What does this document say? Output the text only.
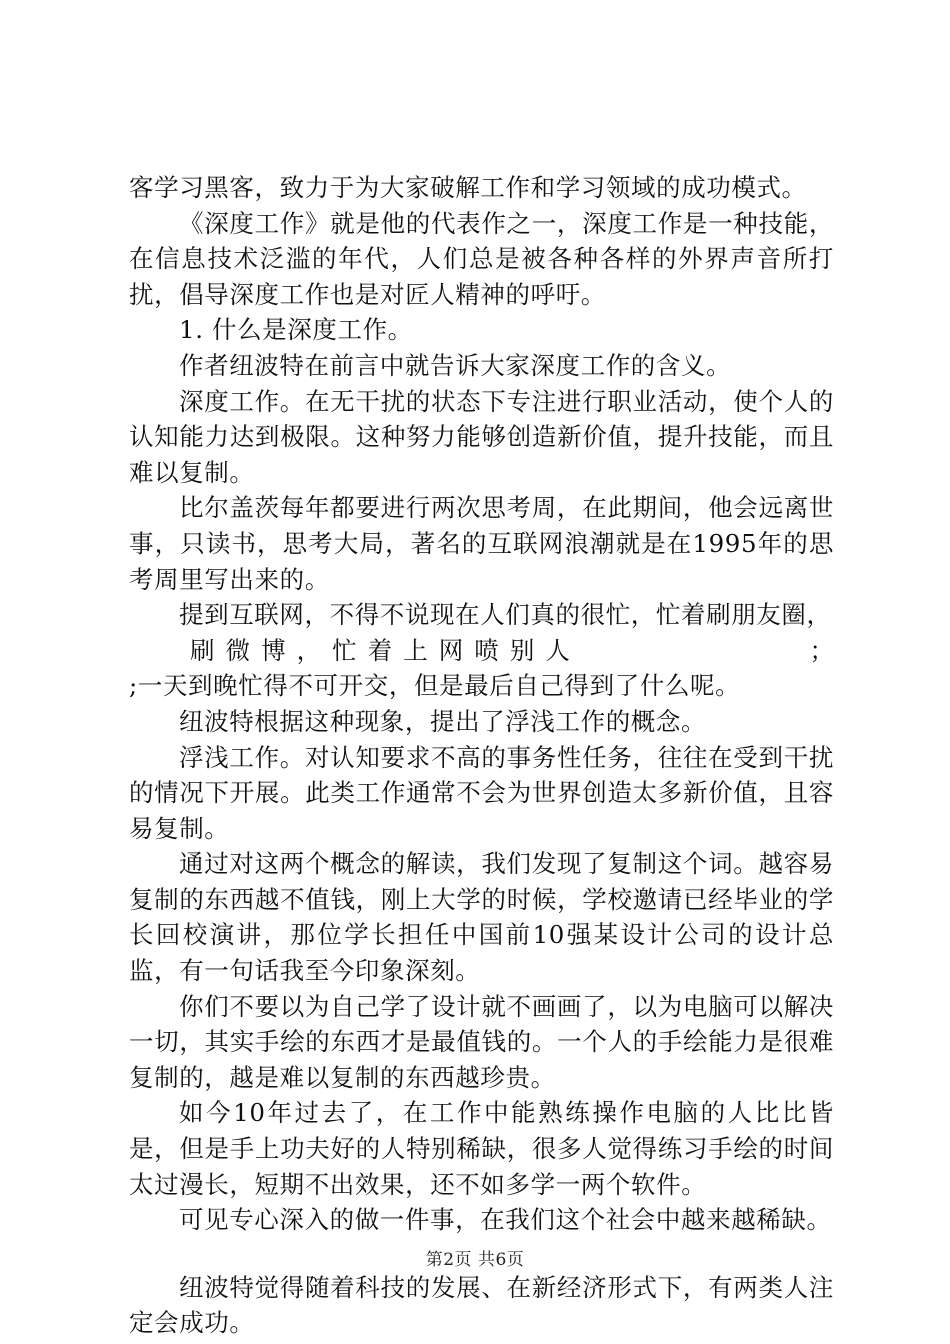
客学习黑客，致力于为大家破解工作和学习领域的成功模式。

《深度工作》就是他的代表作之一，深度工作是一种技能，在信息技术泛滥的年代，人们总是被各种各样的外界声音所打扰，倡导深度工作也是对匠人精神的呼吁。

1. 什么是深度工作。

作者纽波特在前言中就告诉大家深度工作的含义。

深度工作。在无干扰的状态下专注进行职业活动，使个人的认知能力达到极限。这种努力能够创造新价值，提升技能，而且难以复制。

比尔盖茨每年都要进行两次思考周，在此期间，他会远离世事，只读书，思考大局，著名的互联网浪潮就是在1995年的思考周里写出来的。

提到互联网，不得不说现在人们真的很忙，忙着刷朋友圈，

刷 微 博 ， 忙 着 上 网 喷 别 人	；

;一天到晚忙得不可开交，但是最后自己得到了什么呢。

纽波特根据这种现象，提出了浮浅工作的概念。

浮浅工作。对认知要求不高的事务性任务，往往在受到干扰的情况下开展。此类工作通常不会为世界创造太多新价值，且容易复制。

通过对这两个概念的解读，我们发现了复制这个词。越容易复制的东西越不值钱，刚上大学的时候，学校邀请已经毕业的学长回校演讲，那位学长担任中国前10强某设计公司的设计总监，有一句话我至今印象深刻。

你们不要以为自己学了设计就不画画了，以为电脑可以解决一切，其实手绘的东西才是最值钱的。一个人的手绘能力是很难复制的，越是难以复制的东西越珍贵。

如今10年过去了，在工作中能熟练操作电脑的人比比皆是，但是手上功夫好的人特别稀缺，很多人觉得练习手绘的时间太过漫长，短期不出效果，还不如多学一两个软件。

可见专心深入的做一件事，在我们这个社会中越来越稀缺。

纽波特觉得随着科技的发展、在新经济形式下，有两类人注定会成功。

第2页 共6页
